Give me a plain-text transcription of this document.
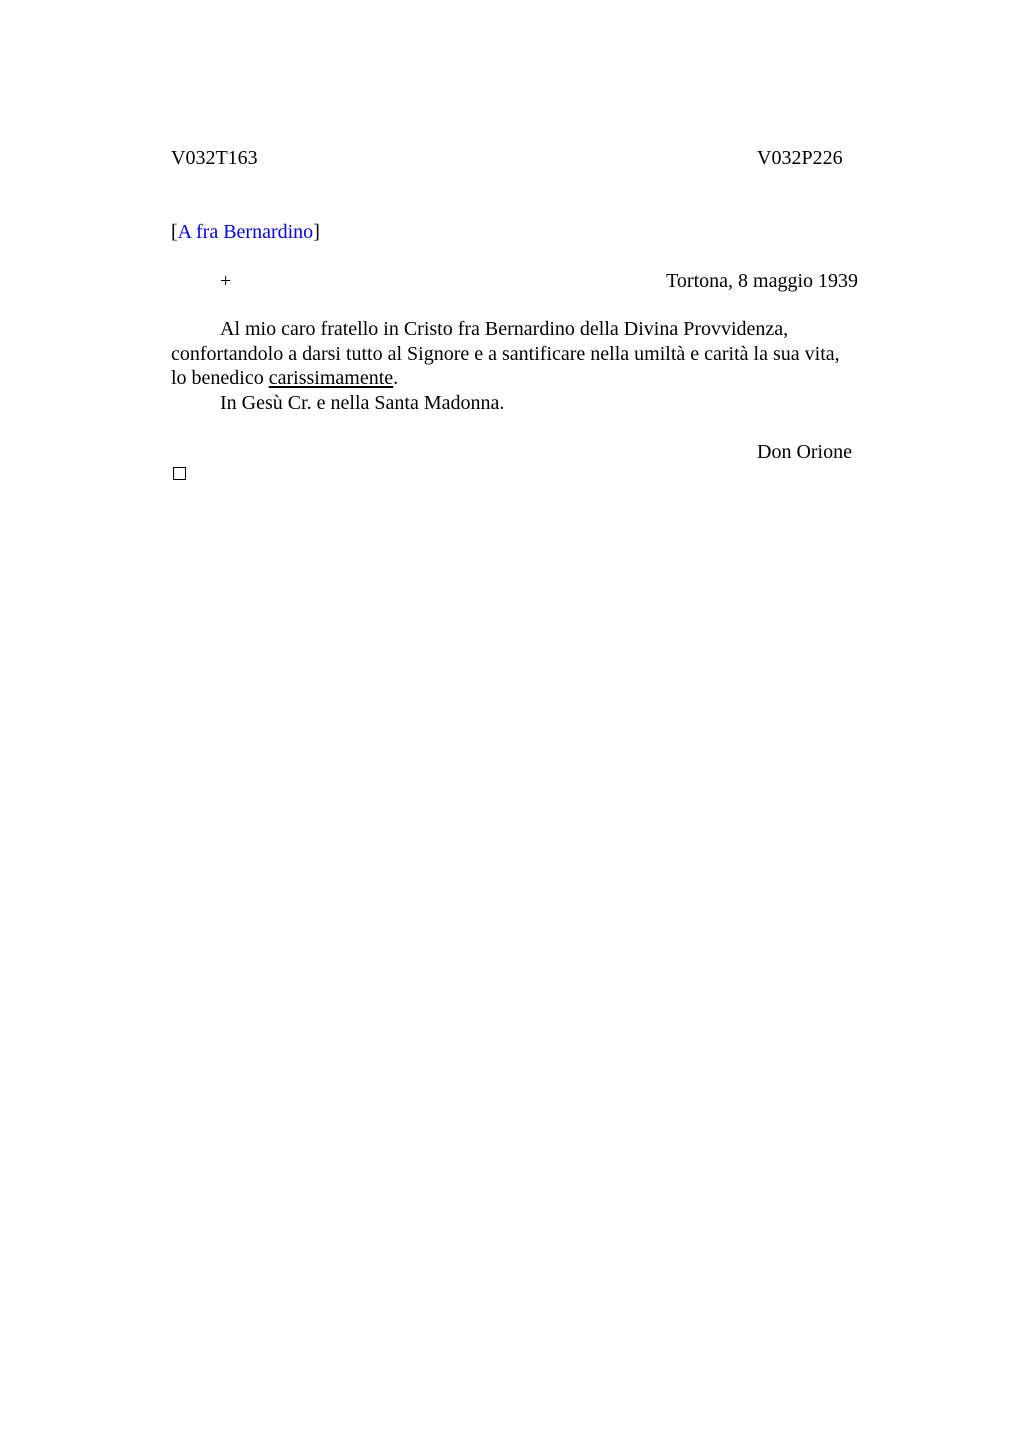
V032T163	V032P226
[A fra Bernardino]
+	Tortona, 8 maggio 1939
Al mio caro fratello in Cristo fra Bernardino della Divina Provvidenza,
confortandolo a darsi tutto al Signore e a santificare nella umiltà e carità la sua vita,
lo benedico carissimamente.
In Gesù Cr. e nella Santa Madonna.
Don Orione
